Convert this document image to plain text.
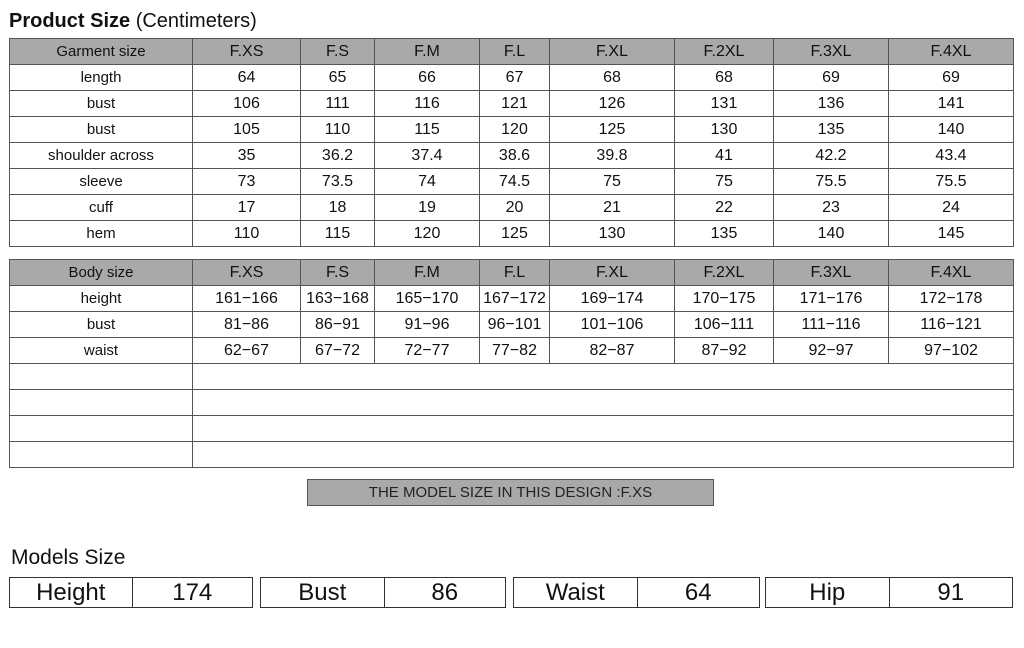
Product Size (Centimeters)
Garment size	F.XS	F.S	F.M	F.L	F.XL	F.2XL	F.3XL	F.4XL
length	64	65	66	67	68	68	69	69
bust	106	111	116	121	126	131	136	141
bust	105	110	115	120	125	130	135	140
shoulder across	35	36.2	37.4	38.6	39.8	41	42.2	43.4
sleeve	73	73.5	74	74.5	75	75	75.5	75.5
cuff	17	18	19	20	21	22	23	24
hem	110	115	120	125	130	135	140	145
Body size	F.XS	F.S	F.M	F.L	F.XL	F.2XL	F.3XL	F.4XL
height	161−166	163−168	165−170	167−172	169−174	170−175	171−176	172−178
bust	81−86	86−91	91−96	96−101	101−106	106−111	111−116	116−121
waist	62−67	67−72	72−77	77−82	82−87	87−92	92−97	97−102

THE MODEL SIZE IN THIS DESIGN :F.XS
Models Size
Height	174	Bust	86	Waist	64	Hip	91
